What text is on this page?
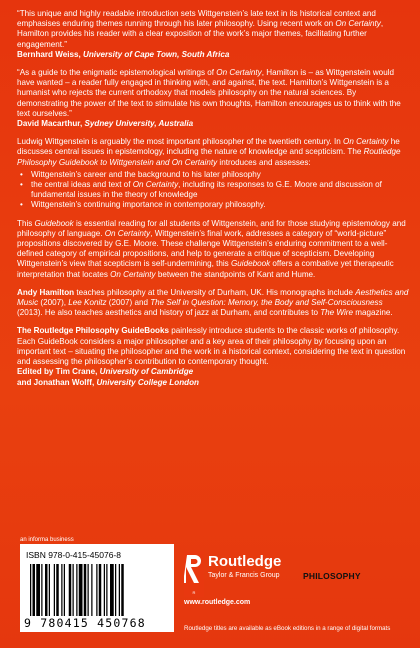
“This unique and highly readable introduction sets Wittgenstein’s late text in its historical context and emphasises enduring themes running through his later philosophy. Using recent work on On Certainty, Hamilton provides his reader with a clear exposition of the work’s major themes, facilitating further engagement.”

Bernhard Weiss, University of Cape Town, South Africa

“As a guide to the enigmatic epistemological writings of On Certainty, Hamilton is – as Wittgenstein would have wanted – a reader fully engaged in thinking with, and against, the text. Hamilton’s Wittgenstein is a humanist who rejects the current orthodoxy that models philosophy on the natural sciences. By demonstrating the power of the text to stimulate his own thoughts, Hamilton encourages us to think with the text ourselves.”

David Macarthur, Sydney University, Australia

Ludwig Wittgenstein is arguably the most important philosopher of the twentieth century. In On Certainty he discusses central issues in epistemology, including the nature of knowledge and scepticism. The Routledge Philosophy Guidebook to Wittgenstein and On Certainty introduces and assesses:

• Wittgenstein’s career and the background to his later philosophy
• the central ideas and text of On Certainty, including its responses to G.E. Moore and discussion of fundamental issues in the theory of knowledge
• Wittgenstein’s continuing importance in contemporary philosophy.

This Guidebook is essential reading for all students of Wittgenstein, and for those studying epistemology and philosophy of language. On Certainty, Wittgenstein’s final work, addresses a category of “world-picture” propositions discovered by G.E. Moore. These challenge Wittgenstein’s enduring commitment to a well-defined category of empirical propositions, and help to generate a critique of scepticism. Developing Wittgenstein’s view that scepticism is self-undermining, this Guidebook offers a combative yet therapeutic interpretation that locates On Certainty between the standpoints of Kant and Hume.

Andy Hamilton teaches philosophy at the University of Durham, UK. His monographs include Aesthetics and Music (2007), Lee Konitz (2007) and The Self in Question: Memory, the Body and Self-Consciousness (2013). He also teaches aesthetics and history of jazz at Durham, and contributes to The Wire magazine.

The Routledge Philosophy GuideBooks painlessly introduce students to the classic works of philosophy. Each GuideBook considers a major philosopher and a key area of their philosophy by focusing upon an important text – situating the philosopher and the work in a historical context, considering the text in question and assessing the philosopher’s contribution to contemporary thought.

Edited by Tim Crane, University of Cambridge

and Jonathan Wolff, University College London

an informa business
ISBN 978-0-415-45076-8
9 780415 450768
R
Routledge
Taylor & Francis Group
www.routledge.com
PHILOSOPHY
Routledge titles are available as eBook editions in a range of digital formats
